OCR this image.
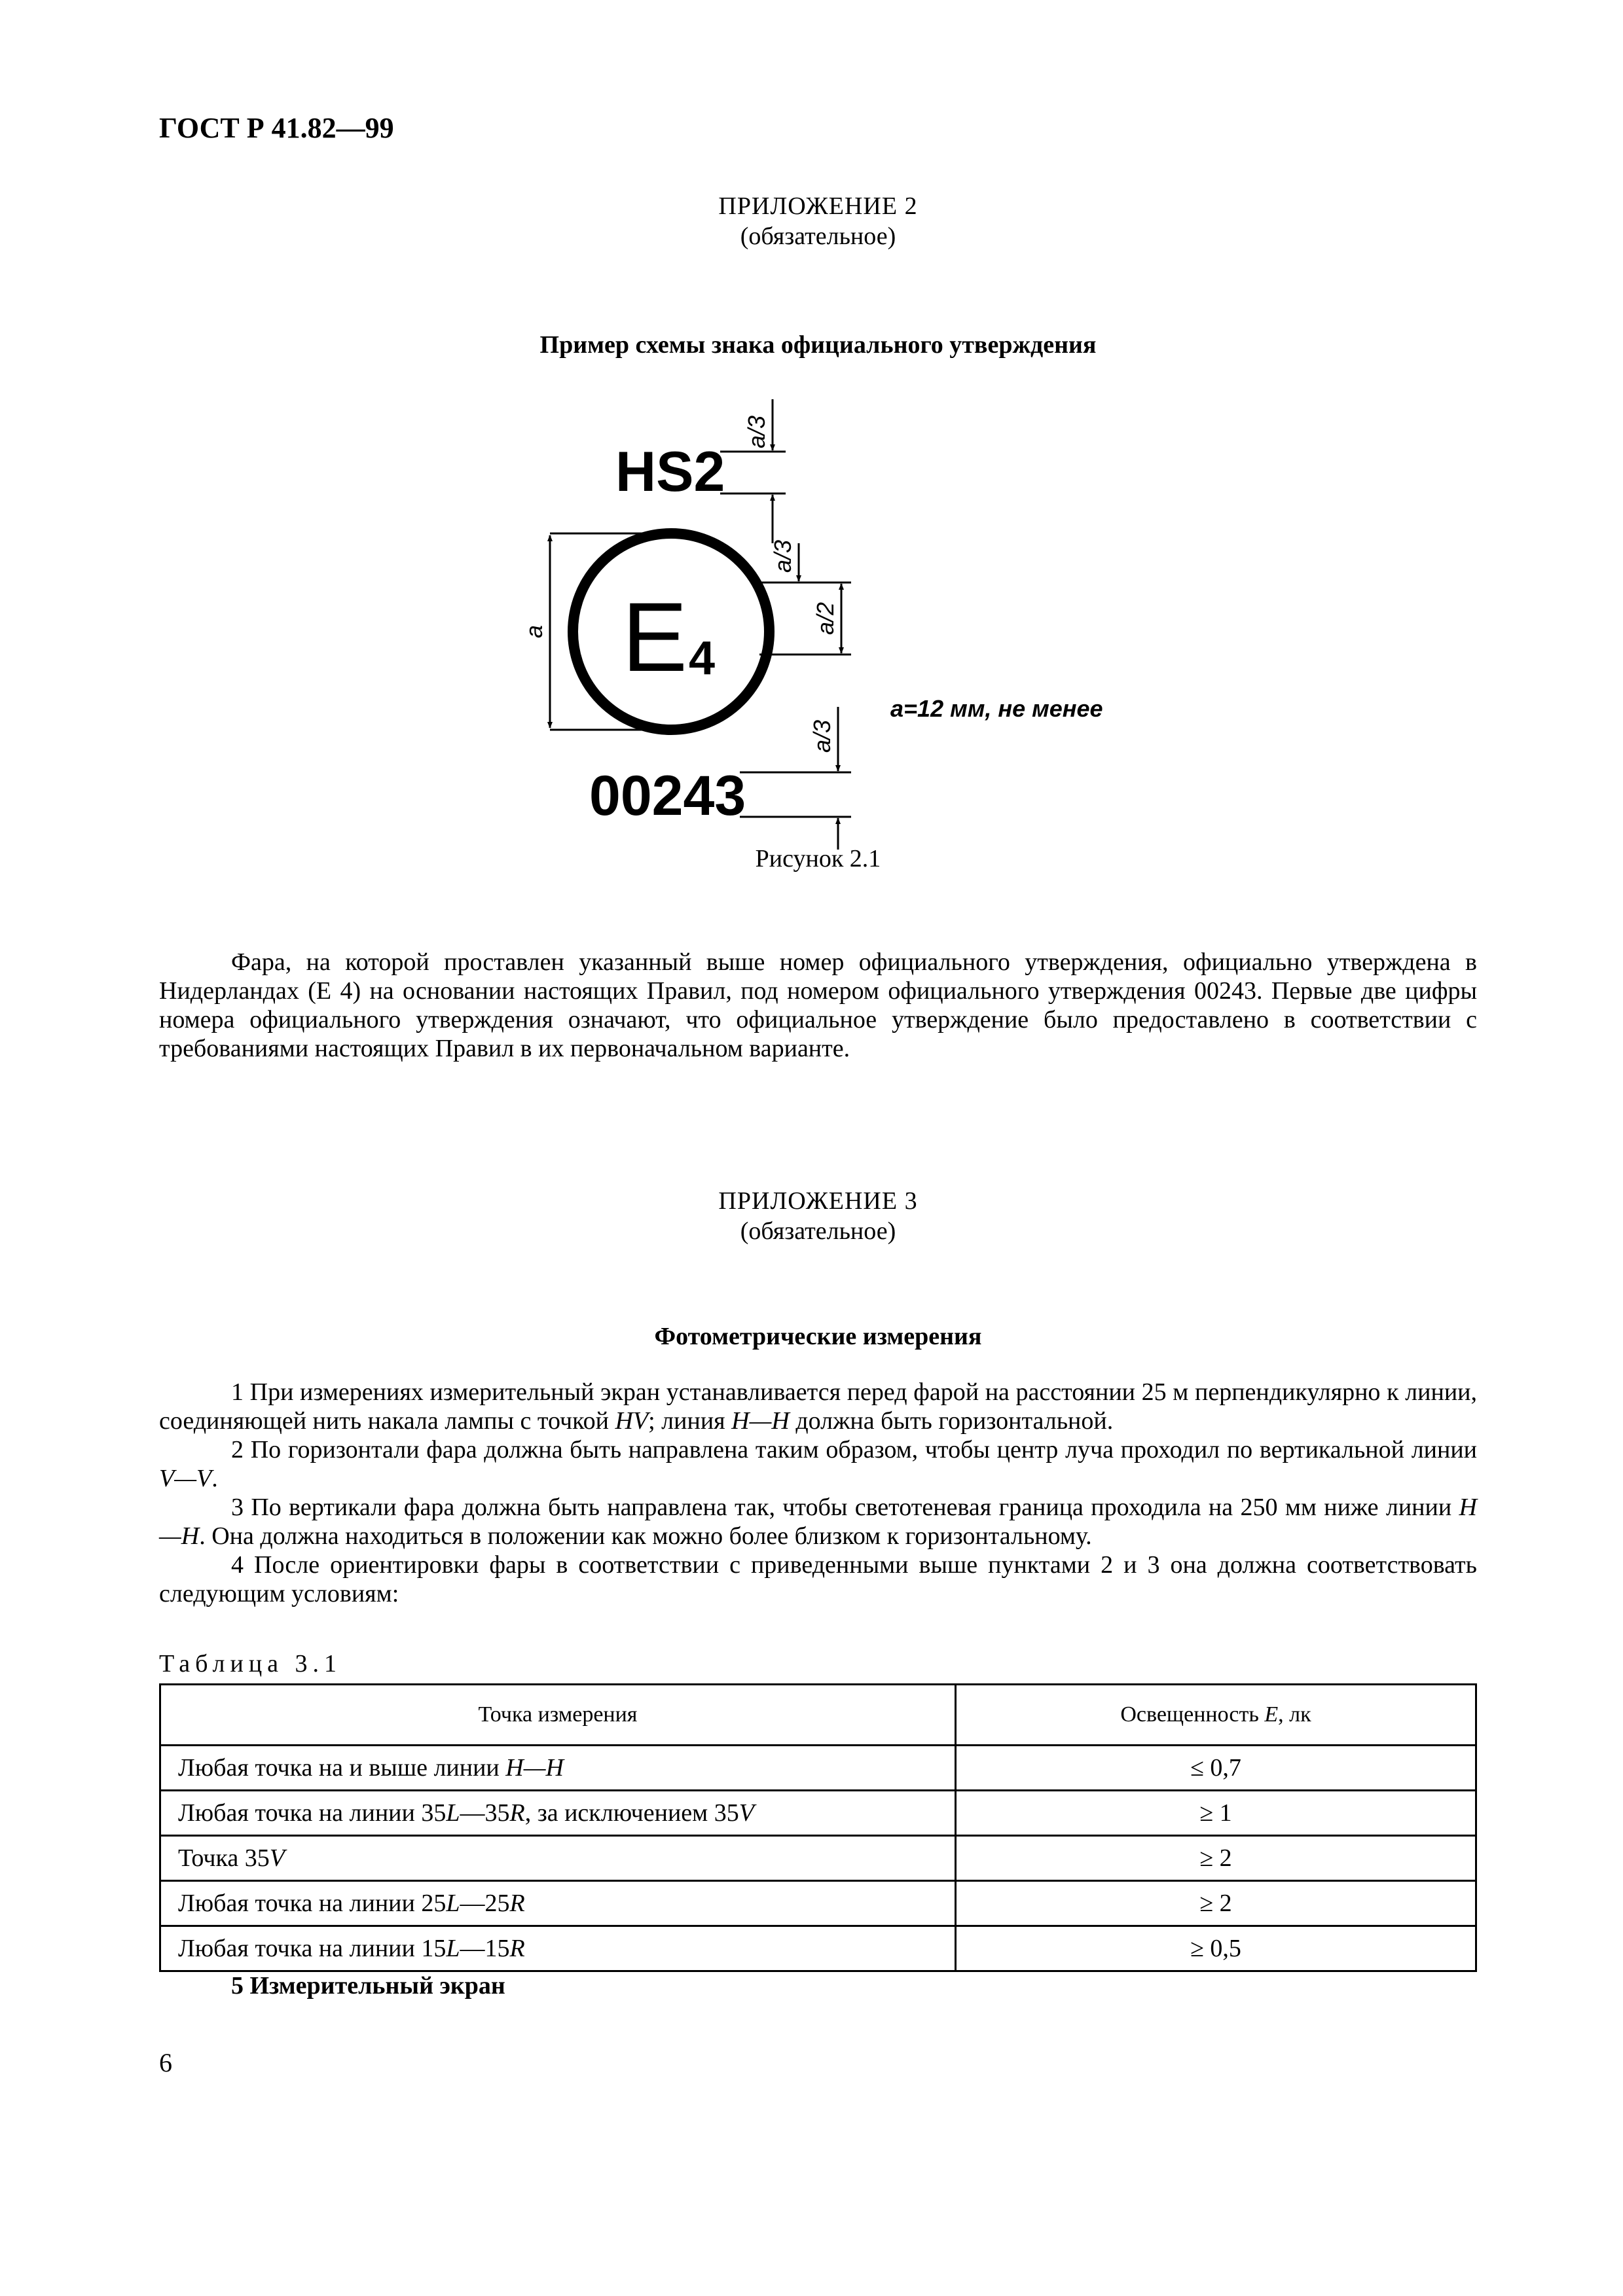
ГОСТ Р 41.82—99

ПРИЛОЖЕНИЕ 2
(обязательное)

Пример схемы знака официального утверждения

HS2
a/3
E 4
a
a/3
a/2
00243
a/3
a=12 мм, не менее

Рисунок 2.1

Фара, на которой проставлен указанный выше номер официального утверждения, официально утверждена в Нидерландах (Е 4) на основании настоящих Правил, под номером официального утверждения 00243. Первые две цифры номера официального утверждения означают, что официальное утверждение было предоставлено в соответствии с требованиями настоящих Правил в их первоначальном варианте.
ПРИЛОЖЕНИЕ 3
(обязательное)

Фотометрические измерения

1 При измерениях измерительный экран устанавливается перед фарой на расстоянии 25 м перпендикулярно к линии, соединяющей нить накала лампы с точкой HV; линия H—H должна быть горизонтальной.
2 По горизонтали фара должна быть направлена таким образом, чтобы центр луча проходил по вертикальной линии V—V.
3 По вертикали фара должна быть направлена так, чтобы светотеневая граница проходила на 250 мм ниже линии H—H. Она должна находиться в положении как можно более близком к горизонтальному.
4 После ориентировки фары в соответствии с приведенными выше пунктами 2 и 3 она должна соответствовать следующим условиям:

Таблица 3.1

Точка измерения	Освещенность E, лк
Любая точка на и выше линии H—H	≤ 0,7
Любая точка на линии 35L—35R, за исключением 35V	≥ 1
Точка 35V	≥ 2
Любая точка на линии 25L—25R	≥ 2
Любая точка на линии 15L—15R	≥ 0,5

5 Измерительный экран

6
